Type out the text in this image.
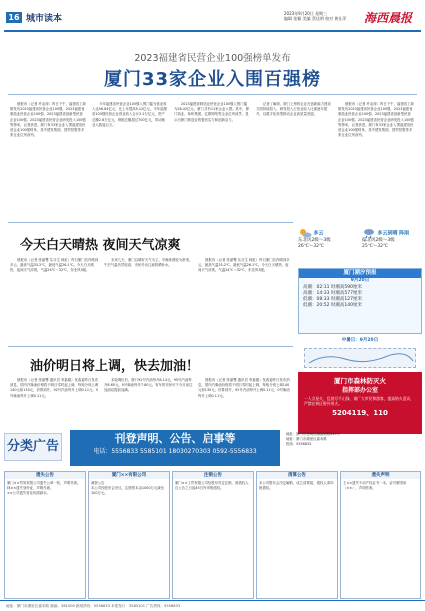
16 城市读本
2023年9月20日 星期三
编辑 张颖 美编 蔡佳明 校对 黄仕萍 海西晨报
2023福建省民营企业100强榜单发布
厦门33家企业入围百强榜

晨报讯（记者 许金萍）昨日下午，福建省工商联发布2023福建省民营企业100强、2023福建省制造业民营企业100强、2023福建省创新型民营企业100强。2023福建省民营企业研发投入100强等榜单，记者获悉，厦门有33家企业入围福建省民营企业100强榜单，其中建发集团、国贸控股等多家企业位列前列。

今年福建省民营企业100强入围门槛为营业收入达56.64亿元，比上年提高5.12亿元。今年福建省100强民营企业营业收入合计2.2万亿元，资产总额2.8万亿元，纳税总额超过700亿元，带动就业人数逾百万。

2023福建省制造业民营企业100强入围门槛为28.42亿元，厦门共有11家企业入围。其中，厦门钨业、象屿集团、亿联网络等企业位列前茅，显示出厦门制造业的强劲实力和创新活力。

记者了解到，厦门上榜的企业在创新能力建设方面持续投入，研发投入占营业收入比重逐年提升，以数字化转型推动企业高质量发展。

晨报讯（记者 许金萍）昨日下午，福建省工商联发布2023福建省民营企业100强、2023福建省制造业民营企业100强、2023福建省创新型民营企业100强。2023福建省民营企业研发投入100强等榜单，记者获悉，厦门有33家企业入围福建省民营企业100强榜单，其中建发集团、国贸控股等多家企业位列前列。

今天白天晴热 夜间天气凉爽

晨报讯（记者 张丽鹭 实习生 林虹）昨日厦门岛内晴到多云，最高气温33.2℃，最低气温26.1℃。今天白天晴热，夜间天气凉爽，气温24℃～32℃，东北风3级。

未来几天，厦门以晴好天气为主，早晚体感较为舒适，午后气温仍然较高，市民外出注意防晒补水。

晨报讯（记者 张丽鹭 实习生 林虹）昨日厦门岛内晴到多云，最高气温33.2℃，最低气温26.1℃。今天白天晴热，夜间天气凉爽，气温24℃～32℃，东北风3级。

油价明日将上调，快去加油！

晨报讯（记者 张丽鹭 通讯员 李嘉健）发改委昨日发布消息，国内汽柴油价格将于明日零时起上调，每吨分别上调140元和135元，折算到升，92号汽油每升上调0.11元，0号柴油每升上调0.11元。

本轮调价后，厦门92号汽油每升8.14元，95号汽油每升8.65元，0号柴油每升7.80元。有车的市民可于今日前往加油站提前加满。

晨报讯（记者 张丽鹭 通讯员 李嘉健）发改委昨日发布消息，国内汽柴油价格将于明日零时起上调，每吨分别上调140元和135元，折算到升，92号汽油每升上调0.11元，0号柴油每升上调0.11元。

多云
东北风2级～3级
26℃～32℃
多云到晴 阵雨
偏北风2级～3级
25℃～32℃
厦门潮汐预报
9月20日
高潮：02:11 时潮高590厘米
高潮：14:33 时潮高577厘米
低潮：08:33 时潮高127厘米
低潮：20:52 时潮高140厘米
中暑日：9月20日
厦门市森林防灭火
指挥部办公室
一人点星火，乱烧尽千山绿，请广大市民和游客，提高防火意识，严禁在林区野外用火。
5204119、110
分类广告
刊登声明、公告、启事等
电话：5556833 5585101 18030270303 0592-5556833
地址：厦门市思明区湖滨南路819号
地址：厦门市湖里区嘉禾路
热线：5556833
遗失公告
厦门××贸易有限公司遗失公章一枚，声明作废。
林××遗失身份证，声明作废。
××公司遗失营业执照副本。
厦门××有限公司
减资公告
本公司经股东会决议，注册资本由1000万元减至100万元。
注销公告
厦门××工贸有限公司经股东决定注销，请债权人自公告之日起45日内申报债权。
清算公告
本公司股东会决定解散，成立清算组，债权人请申报债权。
遗失声明
王××遗失不动产权证书一本，证号厦国用（××），声明作废。
地址：厦门市湖里区嘉禾路 邮编：361000 新闻热线：5556833 本报发行：5585101 广告热线：5556833
